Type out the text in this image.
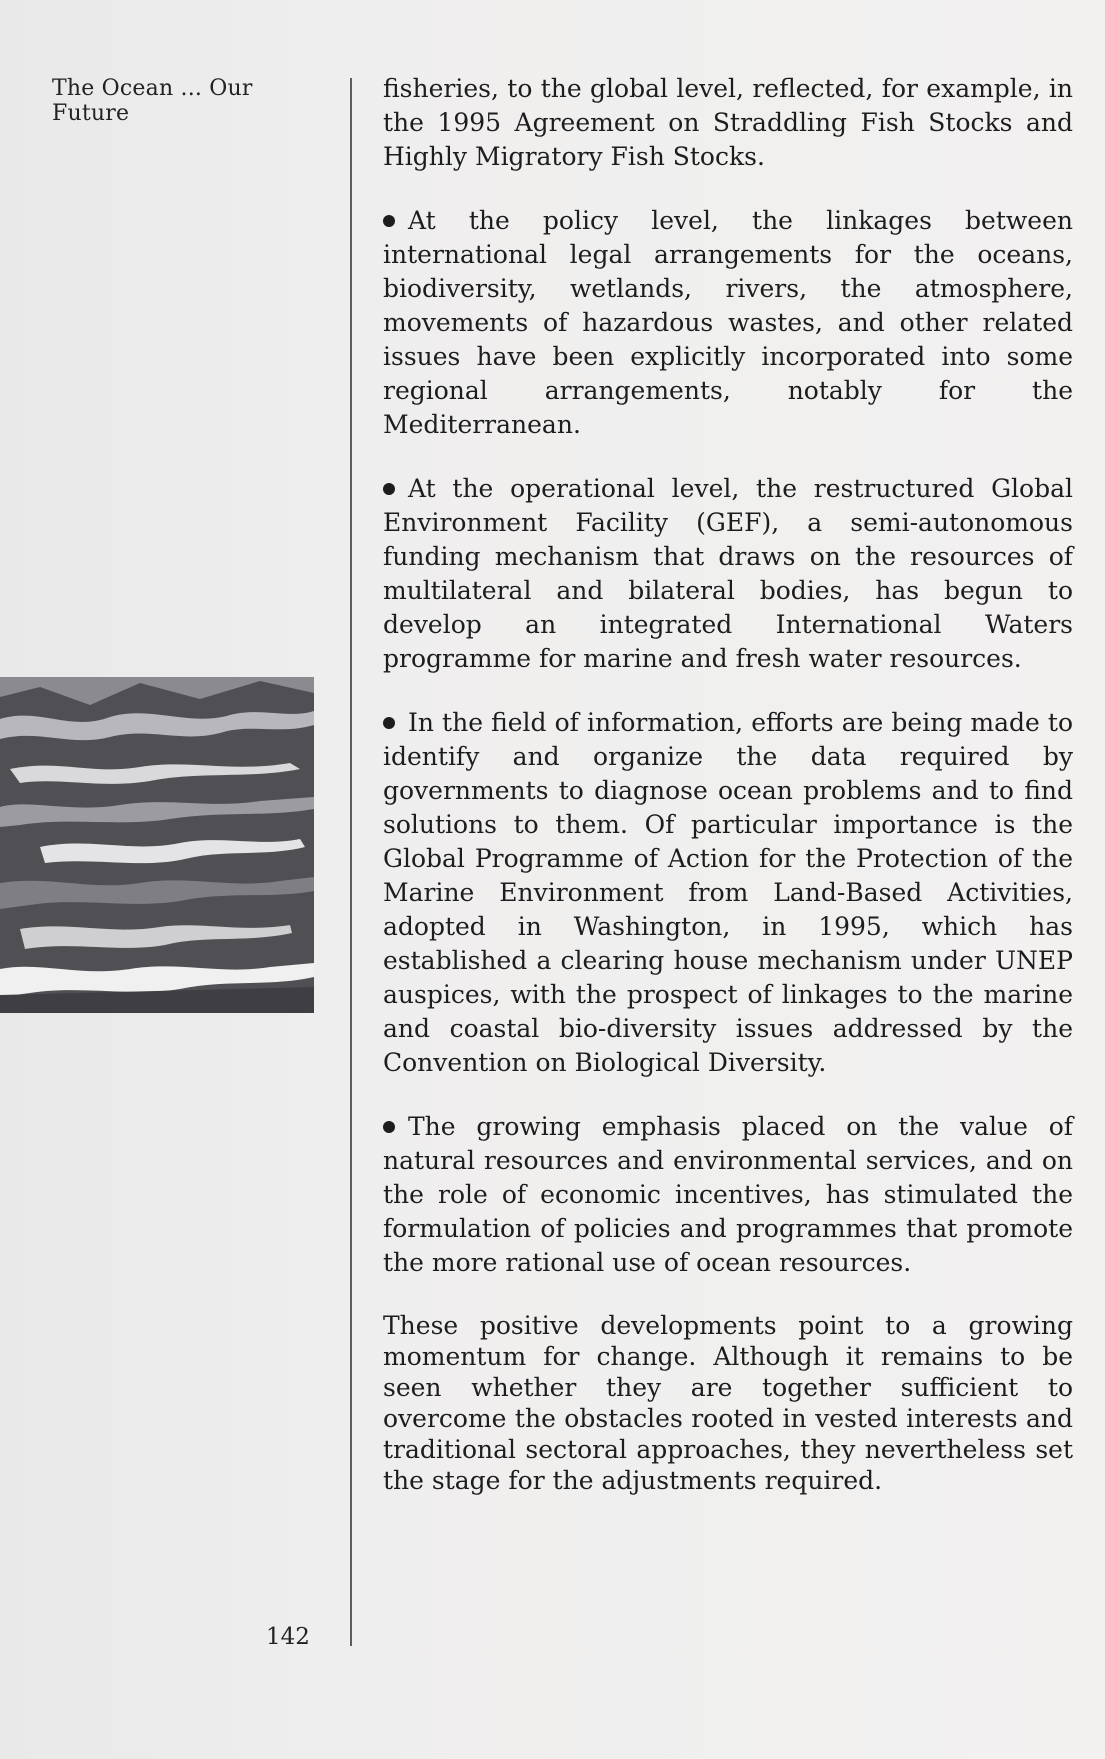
The Ocean ... Our Future

fisheries, to the global level, reflected, for example, in the 1995 Agreement on Straddling Fish Stocks and Highly Migratory Fish Stocks.

At the policy level, the linkages between international legal arrangements for the oceans, biodiversity, wetlands, rivers, the atmosphere, movements of hazardous wastes, and other related issues have been explicitly incorporated into some regional arrangements, notably for the Mediterranean.

At the operational level, the restructured Global Environment Facility (GEF), a semi-autonomous funding mechanism that draws on the resources of multilateral and bilateral bodies, has begun to develop an integrated International Waters programme for marine and fresh water resources.

In the field of information, efforts are being made to identify and organize the data required by governments to diagnose ocean problems and to find solutions to them. Of particular importance is the Global Programme of Action for the Protection of the Marine Environment from Land-Based Activities, adopted in Washington, in 1995, which has established a clearing house mechanism under UNEP auspices, with the prospect of linkages to the marine and coastal bio-diversity issues addressed by the Convention on Biological Diversity.

The growing emphasis placed on the value of natural resources and environmental services, and on the role of economic incentives, has stimulated the formulation of policies and programmes that promote the more rational use of ocean resources.

These positive developments point to a growing momentum for change. Although it remains to be seen whether they are together sufficient to overcome the obstacles rooted in vested interests and traditional sectoral approaches, they nevertheless set the stage for the adjustments required.

142
